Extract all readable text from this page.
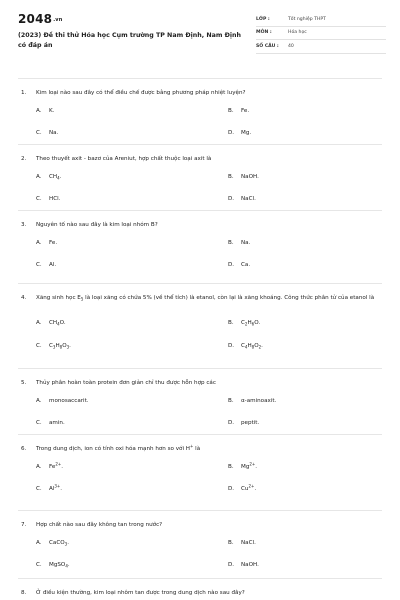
2048.vn
(2023) Đề thi thử Hóa học Cụm trường TP Nam Định, Nam Định có đáp án
LỚP :	Tốt nghiệp THPT
MÔN :	Hóa học
SỐ CÂU :	40
1.	Kim loại nào sau đây có thể điều chế được bằng phương pháp nhiệt luyện?
A.	K.	B.	Fe.
C.	Na.	D.	Mg.
2.	Theo thuyết axit - bazơ của Areniut, hợp chất thuộc loại axit là
A.	$CH_4$.	B.	NaOH.
C.	HCl.	D.	NaCl.
3.	Nguyên tố nào sau đây là kim loại nhóm B?
A.	Fe.	B.	Na.
C.	Al.	D.	Ca.
4.	Xăng sinh học $E_5$ là loại xăng có chứa 5% (về thể tích) là etanol, còn lại là xăng khoáng. Công thức phân tử của etanol là
A.	$CH_4O$.	B.	$C_2H_6O$.
C.	$C_3H_8O_3$.	D.	$C_4H_8O_2$.
5.	Thủy phân hoàn toàn protein đơn giản chỉ thu được hỗn hợp các
A.	monosaccarit.	B.	α-aminoaxit.
C.	amin.	D.	peptit.
6.	Trong dung dịch, ion có tính oxi hóa mạnh hơn so với H+ là
A.	$Fe^{2+}$.	B.	$Mg^{2+}$.
C.	$Al^{3+}$.	D.	$Cu^{2+}$.
7.	Hợp chất nào sau đây không tan trong nước?
A.	CaCO$_3$.	B.	NaCl.
C.	MgSO$_4$.	D.	NaOH.
8.	Ở điều kiện thường, kim loại nhôm tan được trong dung dịch nào sau đây?
